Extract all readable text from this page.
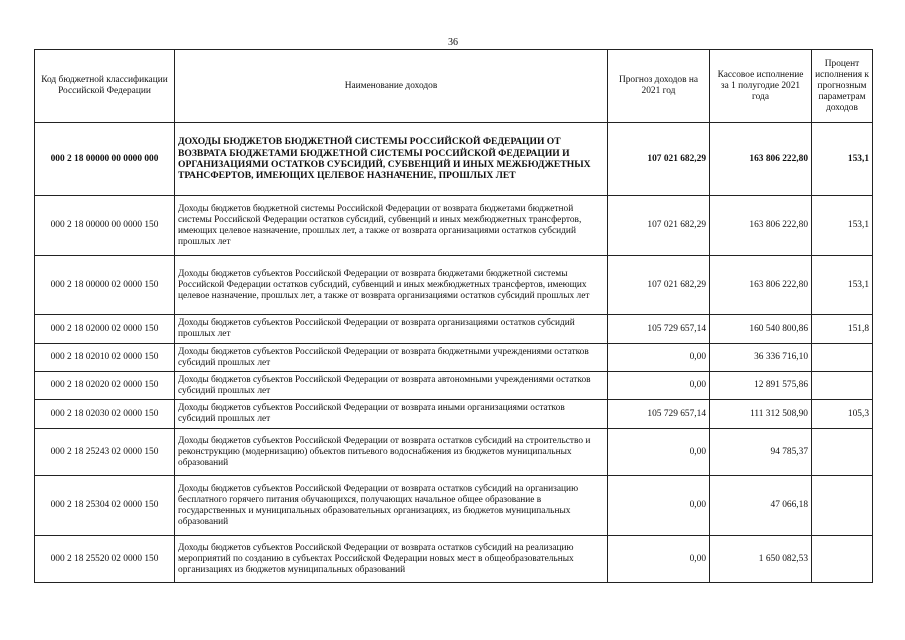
36
Код бюджетной классификации Российской Федерации	Наименование доходов	Прогноз доходов на 2021 год	Кассовое исполнение за 1 полугодие 2021 года	Процент исполнения к прогнозным параметрам доходов
000 2 18 00000 00 0000 000	ДОХОДЫ БЮДЖЕТОВ БЮДЖЕТНОЙ СИСТЕМЫ РОССИЙСКОЙ ФЕДЕРАЦИИ ОТ ВОЗВРАТА БЮДЖЕТАМИ БЮДЖЕТНОЙ СИСТЕМЫ РОССИЙСКОЙ ФЕДЕРАЦИИ И ОРГАНИЗАЦИЯМИ ОСТАТКОВ СУБСИДИЙ, СУБВЕНЦИЙ И ИНЫХ МЕЖБЮДЖЕТНЫХ ТРАНСФЕРТОВ, ИМЕЮЩИХ ЦЕЛЕВОЕ НАЗНАЧЕНИЕ, ПРОШЛЫХ ЛЕТ	107 021 682,29	163 806 222,80	153,1
000 2 18 00000 00 0000 150	Доходы бюджетов бюджетной системы Российской Федерации от возврата бюджетами бюджетной системы Российской Федерации остатков субсидий, субвенций и иных межбюджетных трансфертов, имеющих целевое назначение, прошлых лет, а также от возврата организациями остатков субсидий прошлых лет	107 021 682,29	163 806 222,80	153,1
000 2 18 00000 02 0000 150	Доходы бюджетов субъектов Российской Федерации от возврата бюджетами бюджетной системы Российской Федерации остатков субсидий, субвенций и иных межбюджетных трансфертов, имеющих целевое назначение, прошлых лет, а также от возврата организациями остатков субсидий прошлых лет	107 021 682,29	163 806 222,80	153,1
000 2 18 02000 02 0000 150	Доходы бюджетов субъектов Российской Федерации от возврата организациями остатков субсидий прошлых лет	105 729 657,14	160 540 800,86	151,8
000 2 18 02010 02 0000 150	Доходы бюджетов субъектов Российской Федерации от возврата бюджетными учреждениями остатков субсидий прошлых лет	0,00	36 336 716,10	
000 2 18 02020 02 0000 150	Доходы бюджетов субъектов Российской Федерации от возврата автономными учреждениями остатков субсидий прошлых лет	0,00	12 891 575,86	
000 2 18 02030 02 0000 150	Доходы бюджетов субъектов Российской Федерации от возврата иными организациями остатков субсидий прошлых лет	105 729 657,14	111 312 508,90	105,3
000 2 18 25243 02 0000 150	Доходы бюджетов субъектов Российской Федерации от возврата остатков субсидий на строительство и реконструкцию (модернизацию) объектов питьевого водоснабжения из бюджетов муниципальных образований	0,00	94 785,37	
000 2 18 25304 02 0000 150	Доходы бюджетов субъектов Российской Федерации от возврата остатков субсидий на организацию бесплатного горячего питания обучающихся, получающих начальное общее образование в государственных и муниципальных образовательных организациях, из бюджетов муниципальных образований	0,00	47 066,18	
000 2 18 25520 02 0000 150	Доходы бюджетов субъектов Российской Федерации от возврата остатков субсидий на реализацию мероприятий по созданию в субъектах Российской Федерации новых мест в общеобразовательных организациях из бюджетов муниципальных образований	0,00	1 650 082,53	
